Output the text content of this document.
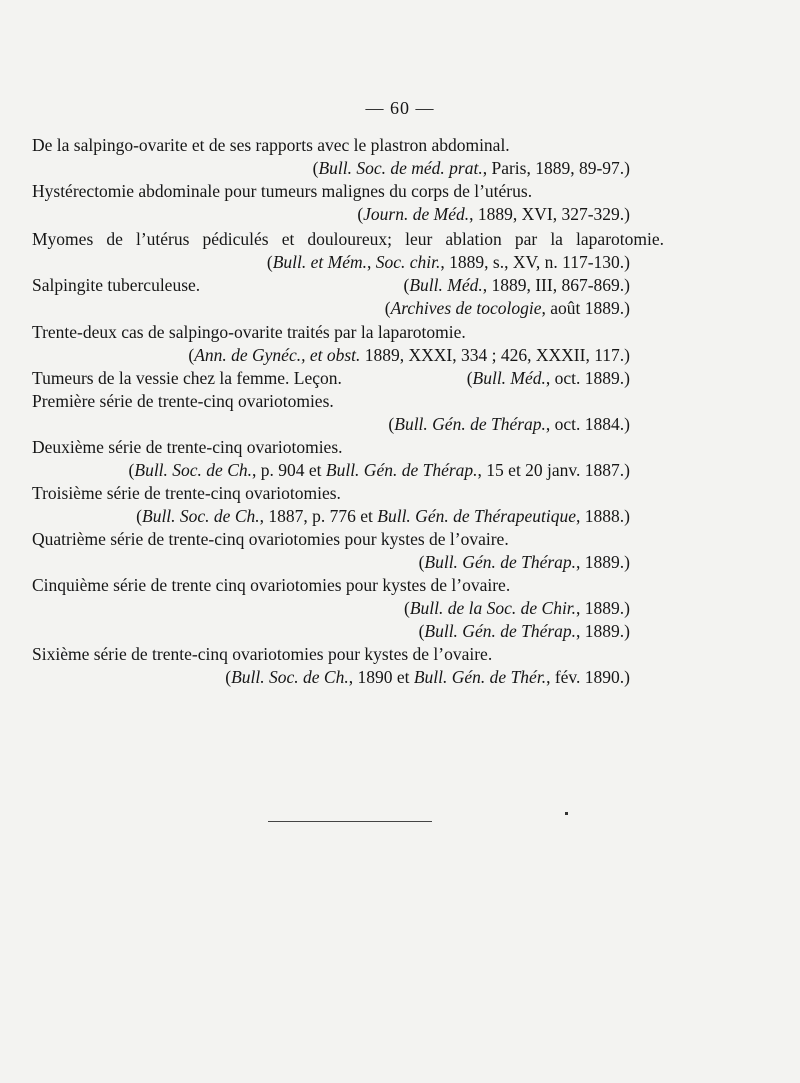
— 60 —
De la salpingo-ovarite et de ses rapports avec le plastron abdominal.
(Bull. Soc. de méd. prat., Paris, 1889, 89-97.)
Hystérectomie abdominale pour tumeurs malignes du corps de l’utérus.
(Journ. de Méd., 1889, XVI, 327-329.)
Myomes de l’utérus pédiculés et douloureux; leur ablation par la laparotomie.
(Bull. et Mém., Soc. chir., 1889, s., XV, n. 117-130.)
Salpingite tuberculeuse.	(Bull. Méd., 1889, III, 867-869.)
(Archives de tocologie, août 1889.)
Trente-deux cas de salpingo-ovarite traités par la laparotomie.
(Ann. de Gynéc., et obst. 1889, XXXI, 334 ; 426, XXXII, 117.)
Tumeurs de la vessie chez la femme. Leçon.	(Bull. Méd., oct. 1889.)
Première série de trente-cinq ovariotomies.
(Bull. Gén. de Thérap., oct. 1884.)
Deuxième série de trente-cinq ovariotomies.
(Bull. Soc. de Ch., p. 904 et Bull. Gén. de Thérap., 15 et 20 janv. 1887.)
Troisième série de trente-cinq ovariotomies.
(Bull. Soc. de Ch., 1887, p. 776 et Bull. Gén. de Thérapeutique, 1888.)
Quatrième série de trente-cinq ovariotomies pour kystes de l’ovaire.
(Bull. Gén. de Thérap., 1889.)
Cinquième série de trente cinq ovariotomies pour kystes de l’ovaire.
(Bull. de la Soc. de Chir., 1889.)
(Bull. Gén. de Thérap., 1889.)
Sixième série de trente-cinq ovariotomies pour kystes de l’ovaire.
(Bull. Soc. de Ch., 1890 et Bull. Gén. de Thér., fév. 1890.)
